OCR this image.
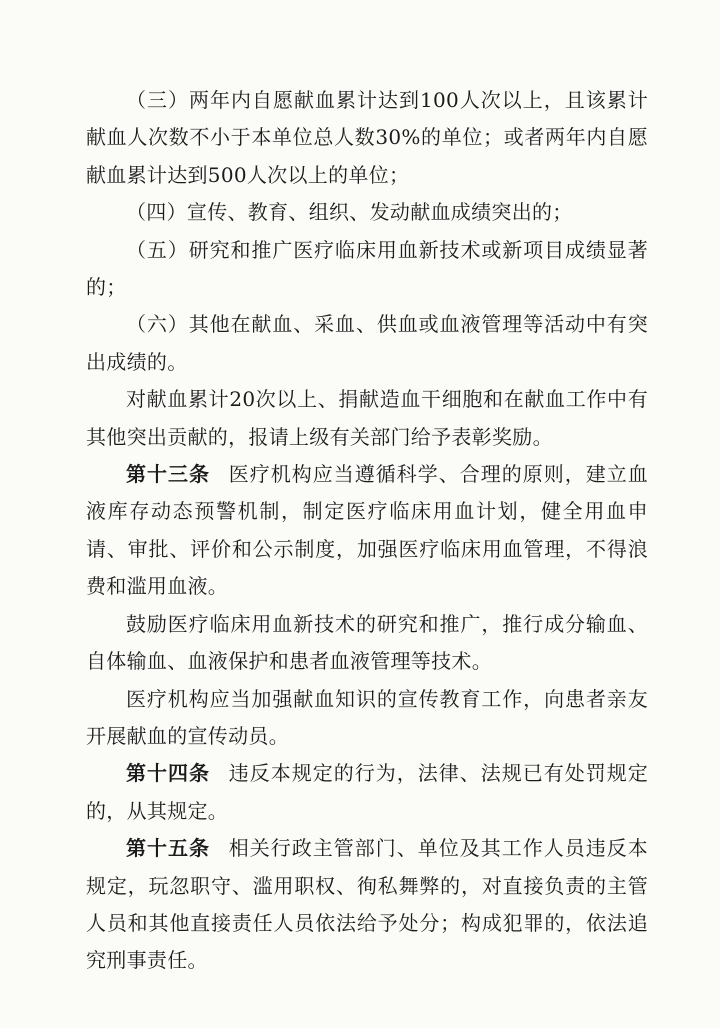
（三）两年内自愿献血累计达到100人次以上，且该累计献血人次数不小于本单位总人数30%的单位；或者两年内自愿献血累计达到500人次以上的单位；

（四）宣传、教育、组织、发动献血成绩突出的；

（五）研究和推广医疗临床用血新技术或新项目成绩显著的；

（六）其他在献血、采血、供血或血液管理等活动中有突出成绩的。

对献血累计20次以上、捐献造血干细胞和在献血工作中有其他突出贡献的，报请上级有关部门给予表彰奖励。

第十三条 医疗机构应当遵循科学、合理的原则，建立血液库存动态预警机制，制定医疗临床用血计划，健全用血申请、审批、评价和公示制度，加强医疗临床用血管理，不得浪费和滥用血液。

鼓励医疗临床用血新技术的研究和推广，推行成分输血、自体输血、血液保护和患者血液管理等技术。

医疗机构应当加强献血知识的宣传教育工作，向患者亲友开展献血的宣传动员。

第十四条 违反本规定的行为，法律、法规已有处罚规定的，从其规定。

第十五条 相关行政主管部门、单位及其工作人员违反本规定，玩忽职守、滥用职权、徇私舞弊的，对直接负责的主管人员和其他直接责任人员依法给予处分；构成犯罪的，依法追究刑事责任。
